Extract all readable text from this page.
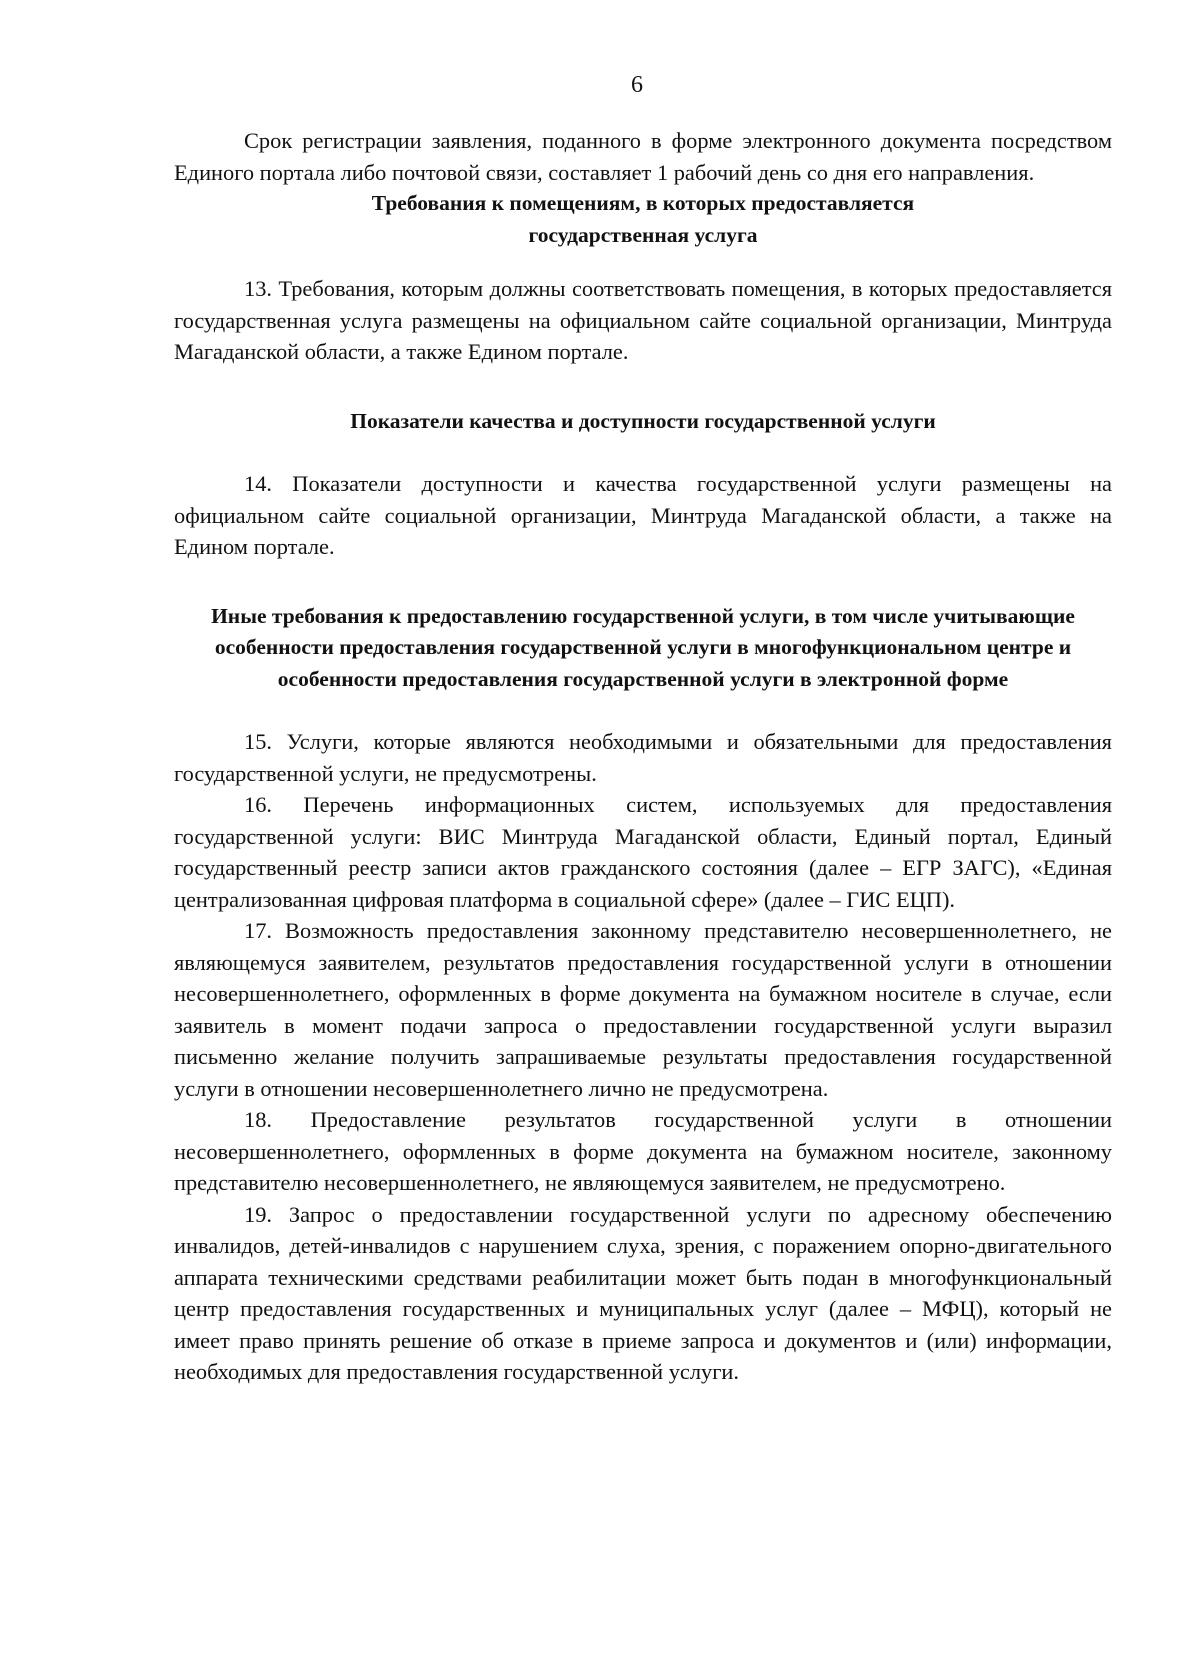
6

Срок регистрации заявления, поданного в форме электронного документа посредством Единого портала либо почтовой связи, составляет 1 рабочий день со дня его направления.

Требования к помещениям, в которых предоставляется государственная услуга

13. Требования, которым должны соответствовать помещения, в которых предоставляется государственная услуга размещены на официальном сайте социальной организации, Минтруда Магаданской области, а также Едином портале.

Показатели качества и доступности государственной услуги

14. Показатели доступности и качества государственной услуги размещены на официальном сайте социальной организации, Минтруда Магаданской области, а также на Едином портале.

Иные требования к предоставлению государственной услуги, в том числе учитывающие особенности предоставления государственной услуги в многофункциональном центре и особенности предоставления государственной услуги в электронной форме

15. Услуги, которые являются необходимыми и обязательными для предоставления государственной услуги, не предусмотрены.

16. Перечень информационных систем, используемых для предоставления государственной услуги: ВИС Минтруда Магаданской области, Единый портал, Единый государственный реестр записи актов гражданского состояния (далее – ЕГР ЗАГС), «Единая централизованная цифровая платформа в социальной сфере» (далее – ГИС ЕЦП).

17. Возможность предоставления законному представителю несовершеннолетнего, не являющемуся заявителем, результатов предоставления государственной услуги в отношении несовершеннолетнего, оформленных в форме документа на бумажном носителе в случае, если заявитель в момент подачи запроса о предоставлении государственной услуги выразил письменно желание получить запрашиваемые результаты предоставления государственной услуги в отношении несовершеннолетнего лично не предусмотрена.

18. Предоставление результатов государственной услуги в отношении несовершеннолетнего, оформленных в форме документа на бумажном носителе, законному представителю несовершеннолетнего, не являющемуся заявителем, не предусмотрено.

19. Запрос о предоставлении государственной услуги по адресному обеспечению инвалидов, детей-инвалидов с нарушением слуха, зрения, с поражением опорно-двигательного аппарата техническими средствами реабилитации может быть подан в многофункциональный центр предоставления государственных и муниципальных услуг (далее – МФЦ), который не имеет право принять решение об отказе в приеме запроса и документов и (или) информации, необходимых для предоставления государственной услуги.
